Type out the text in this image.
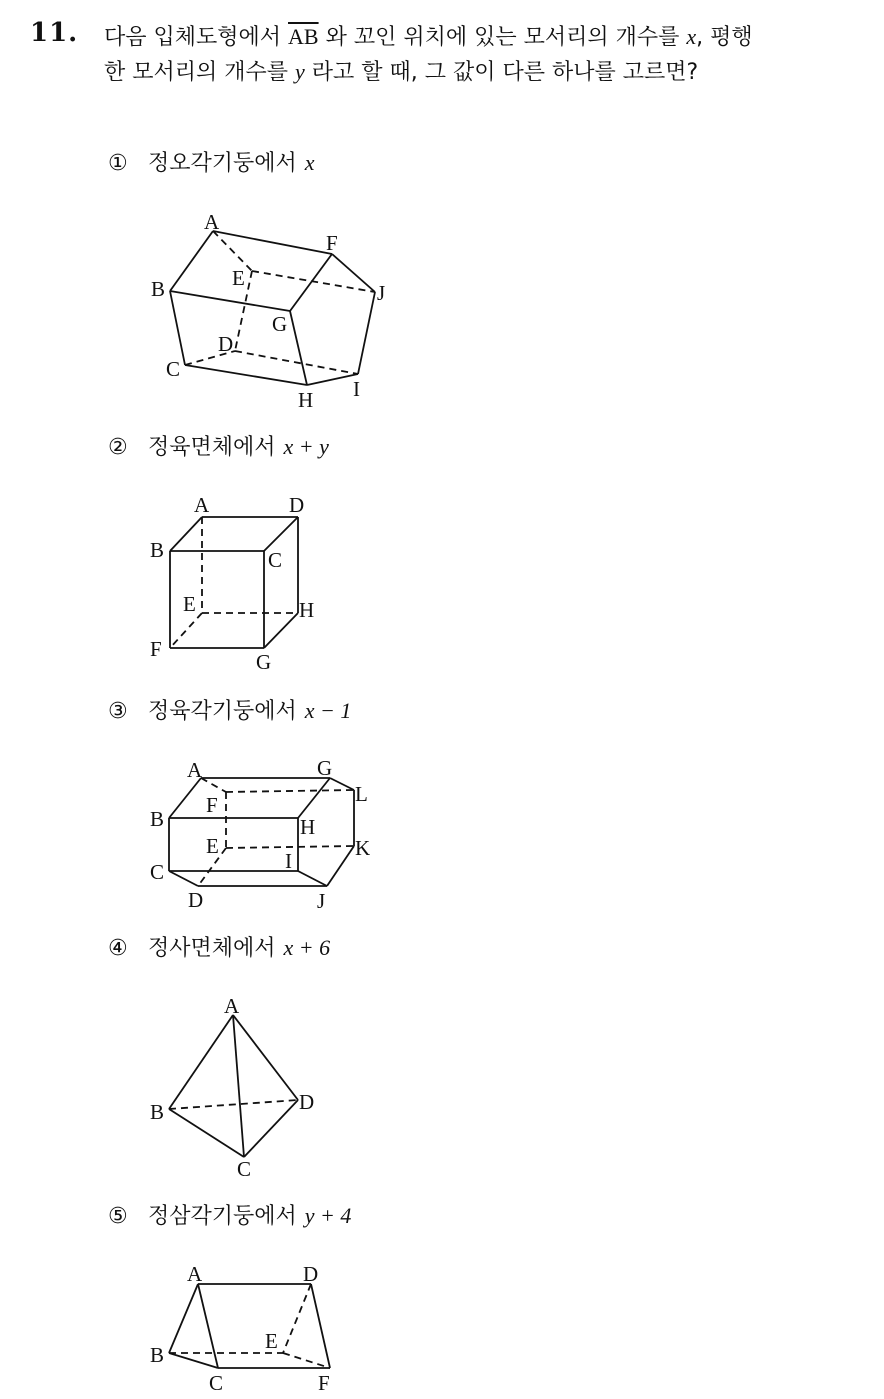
11. 다음 입체도형에서 $\overline{AB}$ 와 꼬인 위치에 있는 모서리의 개수를 x, 평행
한 모서리의 개수를 y 라고 할 때, 그 값이 다른 하나를 고르면?
① 정오각기둥에서 x
A
B
C
D
E
F
G
H I
J
② 정육면체에서 x + y
A
B	C
D
E
F
G
H
③ 정육각기둥에서 x − 1
A
B
C
D
E
F
G
H
I
J
K
L
④ 정사면체에서 x + 6
A
B
C
D
⑤ 정삼각기둥에서 y + 4
A
B
C
D
E
F
